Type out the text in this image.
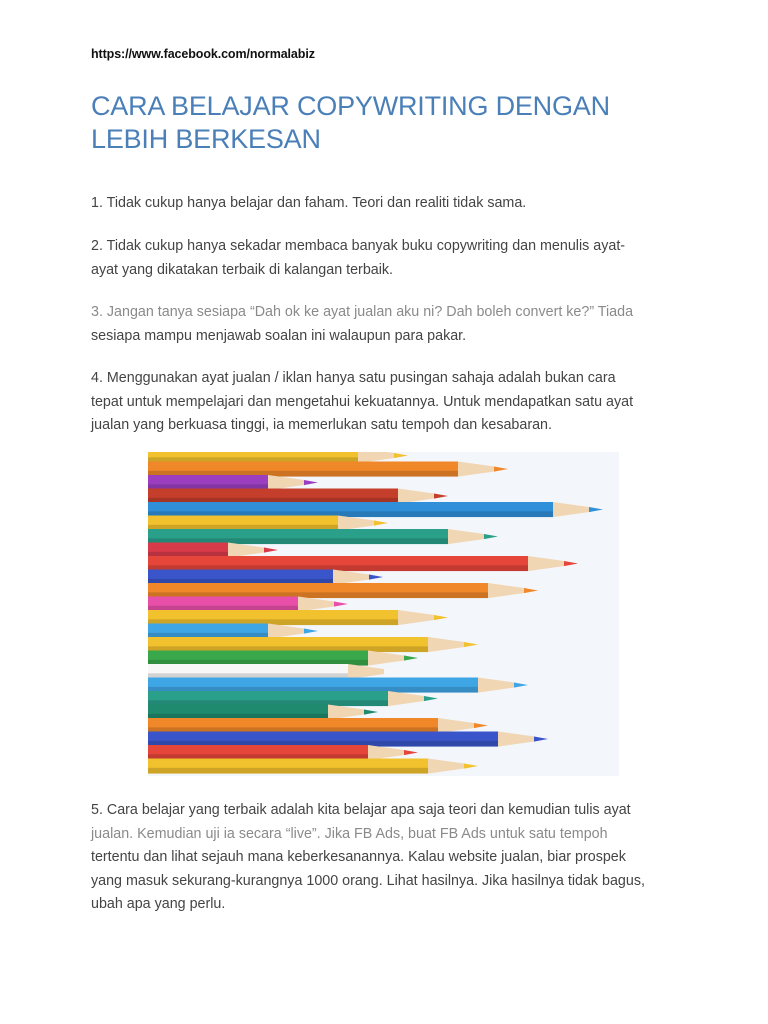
https://www.facebook.com/normalabiz
CARA BELAJAR COPYWRITING DENGAN
LEBIH BERKESAN

1. Tidak cukup hanya belajar dan faham. Teori dan realiti tidak sama.

2. Tidak cukup hanya sekadar membaca banyak buku copywriting dan menulis ayat-
ayat yang dikatakan terbaik di kalangan terbaik.

3. Jangan tanya sesiapa “Dah ok ke ayat jualan aku ni? Dah boleh convert ke?” Tiada
sesiapa mampu menjawab soalan ini walaupun para pakar.

4. Menggunakan ayat jualan / iklan hanya satu pusingan sahaja adalah bukan cara
tepat untuk mempelajari dan mengetahui kekuatannya. Untuk mendapatkan satu ayat
jualan yang berkuasa tinggi, ia memerlukan satu tempoh dan kesabaran.

5. Cara belajar yang terbaik adalah kita belajar apa saja teori dan kemudian tulis ayat
jualan. Kemudian uji ia secara “live”. Jika FB Ads, buat FB Ads untuk satu tempoh
tertentu dan lihat sejauh mana keberkesanannya. Kalau website jualan, biar prospek
yang masuk sekurang-kurangnya 1000 orang. Lihat hasilnya. Jika hasilnya tidak bagus,
ubah apa yang perlu.
